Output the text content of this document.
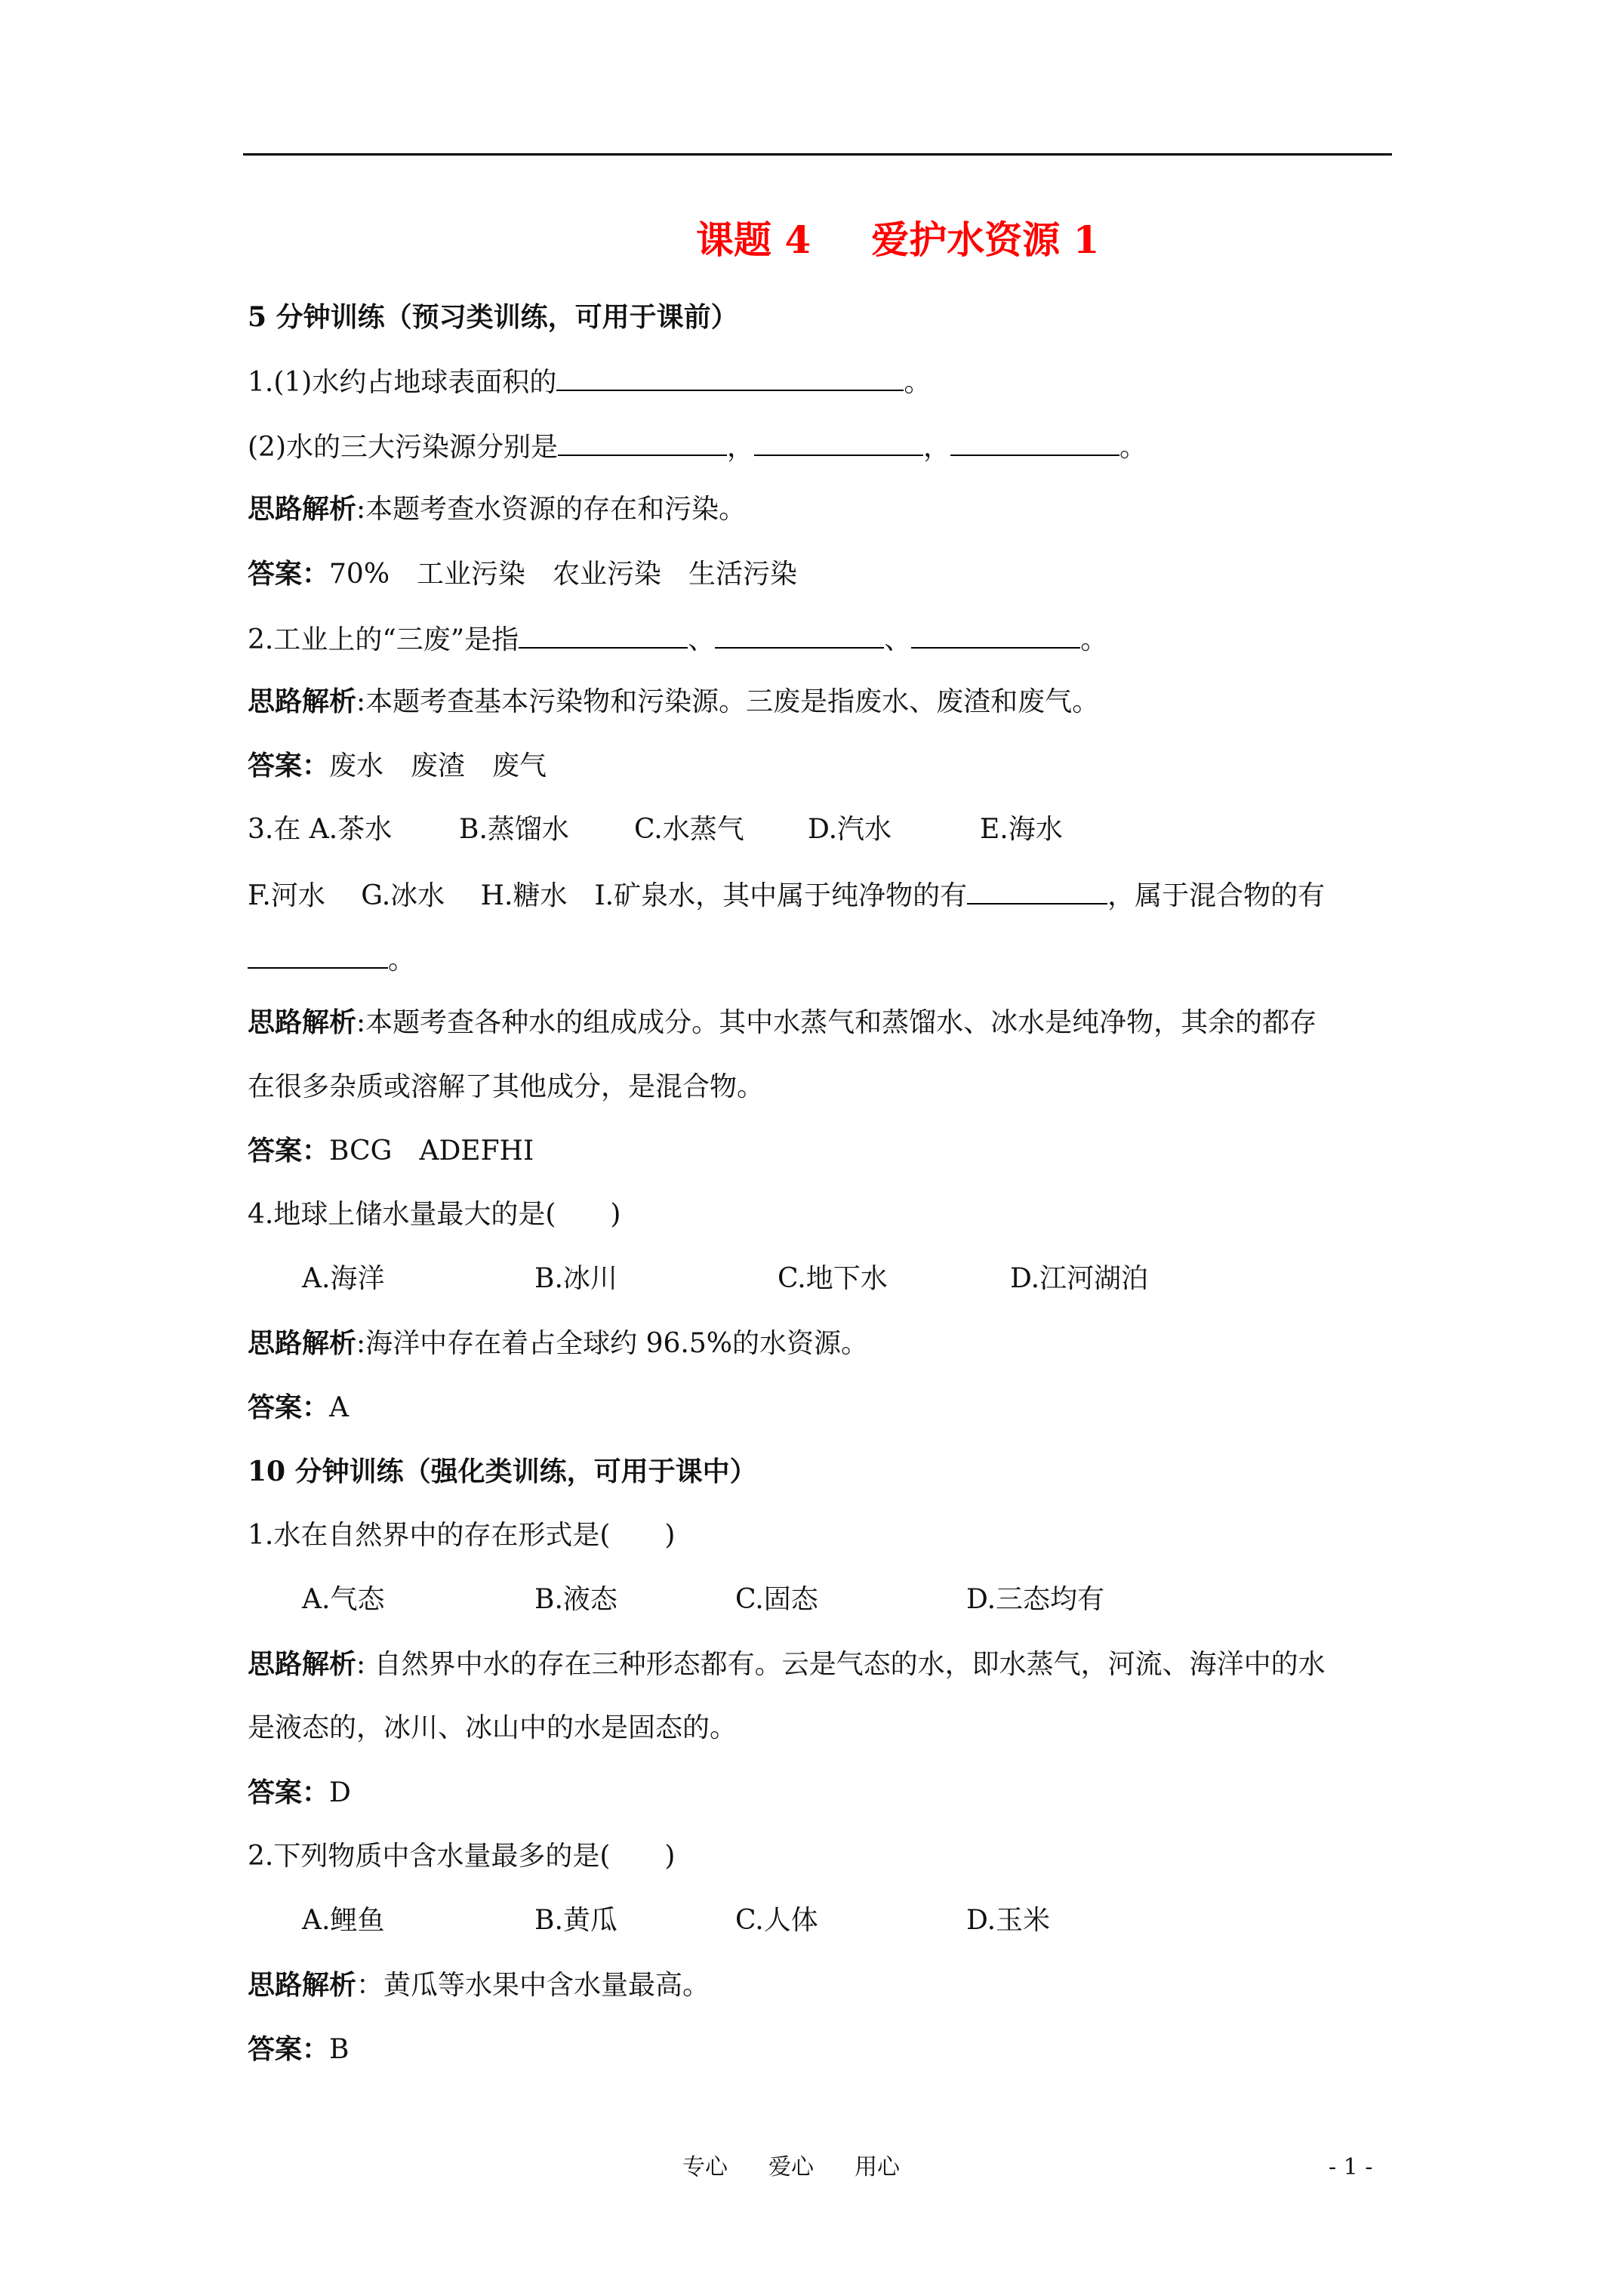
课题 4 爱护水资源 1
5 分钟训练（预习类训练，可用于课前）
1.(1)水约占地球表面积的	。
(2)水的三大污染源分别是	，	，	。
思路解析:本题考查水资源的存在和污染。
答案：70%　工业污染　农业污染　生活污染
2.工业上的“三废”是指	、	、	。
思路解析:本题考查基本污染物和污染源。三废是指废水、废渣和废气。
答案：废水　废渣　废气
3.在 A.茶水 B.蒸馏水 C.水蒸气 D.汽水	E.海水
F.河水　 G.冰水　 H.糖水　I.矿泉水，其中属于纯净物的有	，属于混合物的有
。
思路解析:本题考查各种水的组成成分。其中水蒸气和蒸馏水、冰水是纯净物，其余的都存
在很多杂质或溶解了其他成分，是混合物。
答案：BCG　ADEFHI
4.地球上储水量最大的是(　　)
A.海洋	B.冰川	C.地下水	D.江河湖泊
思路解析:海洋中存在着占全球约 96.5%的水资源。
答案：A
10 分钟训练（强化类训练，可用于课中）
1.水在自然界中的存在形式是(　　)
A.气态	B.液态	C.固态	D.三态均有
思路解析: 自然界中水的存在三种形态都有。云是气态的水，即水蒸气，河流、海洋中的水
是液态的，冰川、冰山中的水是固态的。
答案：D
2.下列物质中含水量最多的是(　　)
A.鲤鱼	B.黄瓜	C.人体	D.玉米
思路解析：黄瓜等水果中含水量最高。
答案：B
专心 爱心 用心	- 1 -
